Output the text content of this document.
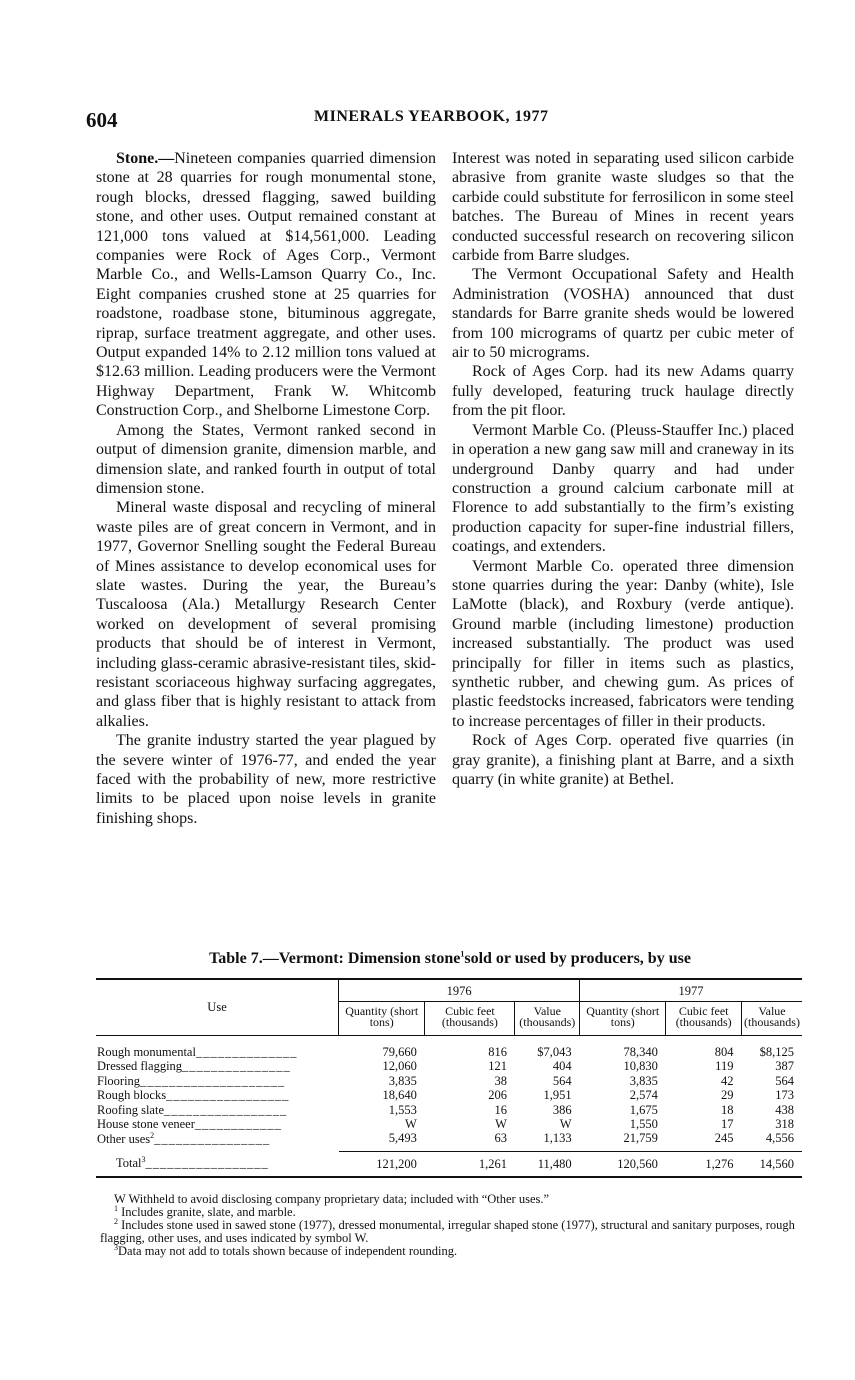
604	MINERALS YEARBOOK, 1977

Stone.—Nineteen companies quarried dimension stone at 28 quarries for rough monumental stone, rough blocks, dressed flagging, sawed building stone, and other uses. Output remained constant at 121,000 tons valued at $14,561,000. Leading companies were Rock of Ages Corp., Vermont Marble Co., and Wells-Lamson Quarry Co., Inc. Eight companies crushed stone at 25 quarries for roadstone, roadbase stone, bituminous aggregate, riprap, surface treatment aggregate, and other uses. Output expanded 14% to 2.12 million tons valued at $12.63 million. Leading producers were the Vermont Highway Department, Frank W. Whitcomb Construction Corp., and Shelborne Limestone Corp.

Among the States, Vermont ranked second in output of dimension granite, dimension marble, and dimension slate, and ranked fourth in output of total dimension stone.

Mineral waste disposal and recycling of mineral waste piles are of great concern in Vermont, and in 1977, Governor Snelling sought the Federal Bureau of Mines assistance to develop economical uses for slate wastes. During the year, the Bureau’s Tuscaloosa (Ala.) Metallurgy Research Center worked on development of several promising products that should be of interest in Vermont, including glass-ceramic abrasive-resistant tiles, skid-resistant scoriaceous highway surfacing aggregates, and glass fiber that is highly resistant to attack from alkalies.

The granite industry started the year plagued by the severe winter of 1976-77, and ended the year faced with the probability of new, more restrictive limits to be placed upon noise levels in granite finishing shops.

Interest was noted in separating used silicon carbide abrasive from granite waste sludges so that the carbide could substitute for ferrosilicon in some steel batches. The Bureau of Mines in recent years conducted successful research on recovering silicon carbide from Barre sludges.

The Vermont Occupational Safety and Health Administration (VOSHA) announced that dust standards for Barre granite sheds would be lowered from 100 micrograms of quartz per cubic meter of air to 50 micrograms.

Rock of Ages Corp. had its new Adams quarry fully developed, featuring truck haulage directly from the pit floor.

Vermont Marble Co. (Pleuss-Stauffer Inc.) placed in operation a new gang saw mill and craneway in its underground Danby quarry and had under construction a ground calcium carbonate mill at Florence to add substantially to the firm’s existing production capacity for super-fine industrial fillers, coatings, and extenders.

Vermont Marble Co. operated three dimension stone quarries during the year: Danby (white), Isle LaMotte (black), and Roxbury (verde antique). Ground marble (including limestone) production increased substantially. The product was used principally for filler in items such as plastics, synthetic rubber, and chewing gum. As prices of plastic feedstocks increased, fabricators were tending to increase percentages of filler in their products.

Rock of Ages Corp. operated five quarries (in gray granite), a finishing plant at Barre, and a sixth quarry (in white granite) at Bethel.

Table 7.—Vermont: Dimension stone$^1$sold or used by producers, by use
Use	1976			1977		
	Quantity (short tons)	Cubic feet (thousands)	Value (thousands)	Quantity (short tons)	Cubic feet (thousands)	Value (thousands)
Rough monumental______________	79,660	816	$7,043	78,340	804	$8,125
Dressed flagging_______________	12,060	121	404	10,830	119	387
Flooring____________________	3,835	38	564	3,835	42	564
Rough blocks_________________	18,640	206	1,951	2,574	29	173
Roofing slate_________________	1,553	16	386	1,675	18	438
House stone veneer____________	W	W	W	1,550	17	318
Other uses$^2$________________	5,493	63	1,133	21,759	245	4,556
Total$^3$_________________	121,200	1,261	11,480	120,560	1,276	14,560

W Withheld to avoid disclosing company proprietary data; included with “Other uses.”

$^1$ Includes granite, slate, and marble.

$^2$ Includes stone used in sawed stone (1977), dressed monumental, irregular shaped stone (1977), structural and sanitary purposes, rough flagging, other uses, and uses indicated by symbol W.

$^3$Data may not add to totals shown because of independent rounding.
